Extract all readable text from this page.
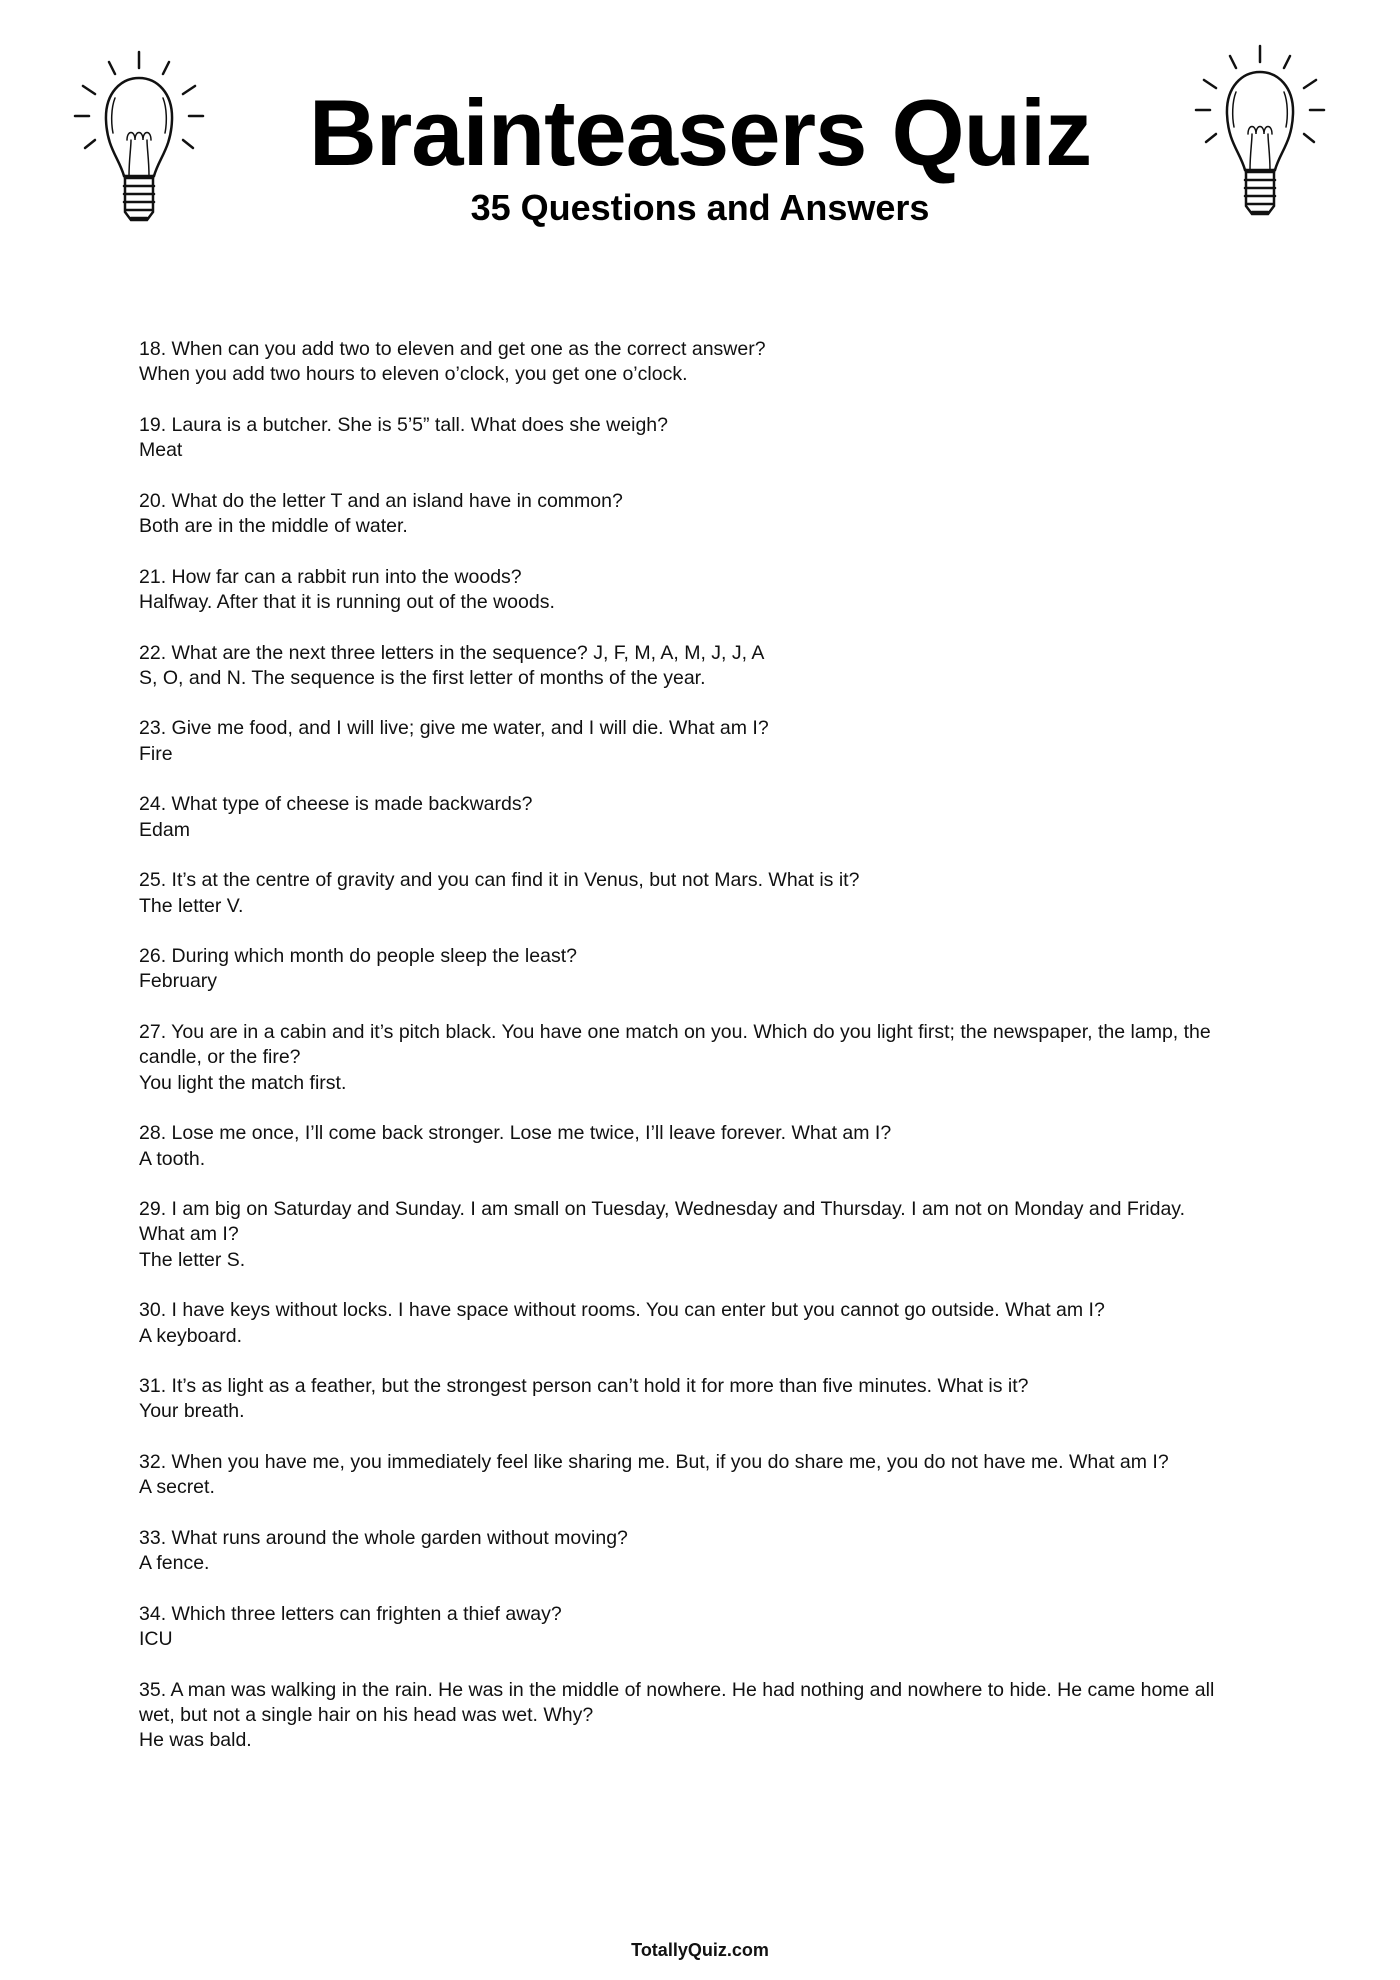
Brainteasers Quiz
35 Questions and Answers
18. When can you add two to eleven and get one as the correct answer?
When you add two hours to eleven o’clock, you get one o’clock.
19. Laura is a butcher. She is 5’5” tall. What does she weigh?
Meat
20. What do the letter T and an island have in common?
Both are in the middle of water.
21. How far can a rabbit run into the woods?
Halfway. After that it is running out of the woods.
22. What are the next three letters in the sequence? J, F, M, A, M, J, J, A
S, O, and N. The sequence is the first letter of months of the year.
23. Give me food, and I will live; give me water, and I will die. What am I?
Fire
24. What type of cheese is made backwards?
Edam
25. It’s at the centre of gravity and you can find it in Venus, but not Mars. What is it?
The letter V.
26. During which month do people sleep the least?
February
27. You are in a cabin and it’s pitch black. You have one match on you. Which do you light first; the newspaper, the lamp, the
candle, or the fire?
You light the match first.
28. Lose me once, I’ll come back stronger. Lose me twice, I’ll leave forever. What am I?
A tooth.
29. I am big on Saturday and Sunday. I am small on Tuesday, Wednesday and Thursday. I am not on Monday and Friday.
What am I?
The letter S.
30. I have keys without locks. I have space without rooms. You can enter but you cannot go outside. What am I?
A keyboard.
31. It’s as light as a feather, but the strongest person can’t hold it for more than five minutes. What is it?
Your breath.
32. When you have me, you immediately feel like sharing me. But, if you do share me, you do not have me. What am I?
A secret.
33. What runs around the whole garden without moving?
A fence.
34. Which three letters can frighten a thief away?
ICU
35. A man was walking in the rain. He was in the middle of nowhere. He had nothing and nowhere to hide. He came home all
wet, but not a single hair on his head was wet. Why?
He was bald.
TotallyQuiz.com
